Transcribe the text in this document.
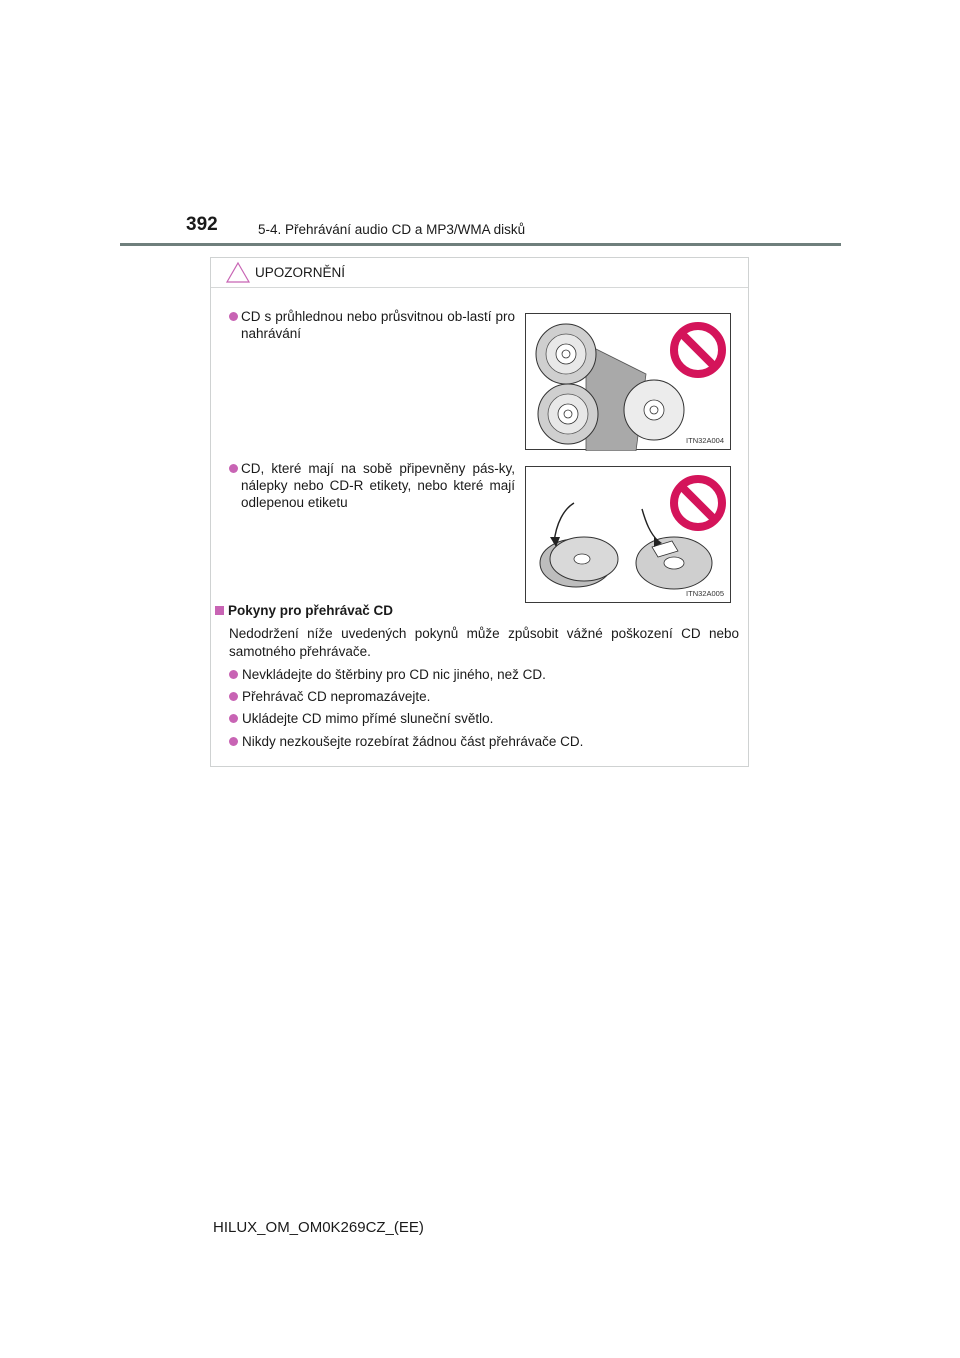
392	5-4. Přehrávání audio CD a MP3/WMA disků
UPOZORNĚNÍ
CD s průhlednou nebo průsvitnou ob-lastí pro nahrávání
ITN32A004
CD, které mají na sobě připevněny pás-ky, nálepky nebo CD-R etikety, nebo které mají odlepenou etiketu
ITN32A005
Pokyny pro přehrávač CD
Nedodržení níže uvedených pokynů může způsobit vážné poškození CD nebo samotného přehrávače.
Nevkládejte do štěrbiny pro CD nic jiného, než CD.
Přehrávač CD nepromazávejte.
Ukládejte CD mimo přímé sluneční světlo.
Nikdy nezkoušejte rozebírat žádnou část přehrávače CD.
HILUX_OM_OM0K269CZ_(EE)
